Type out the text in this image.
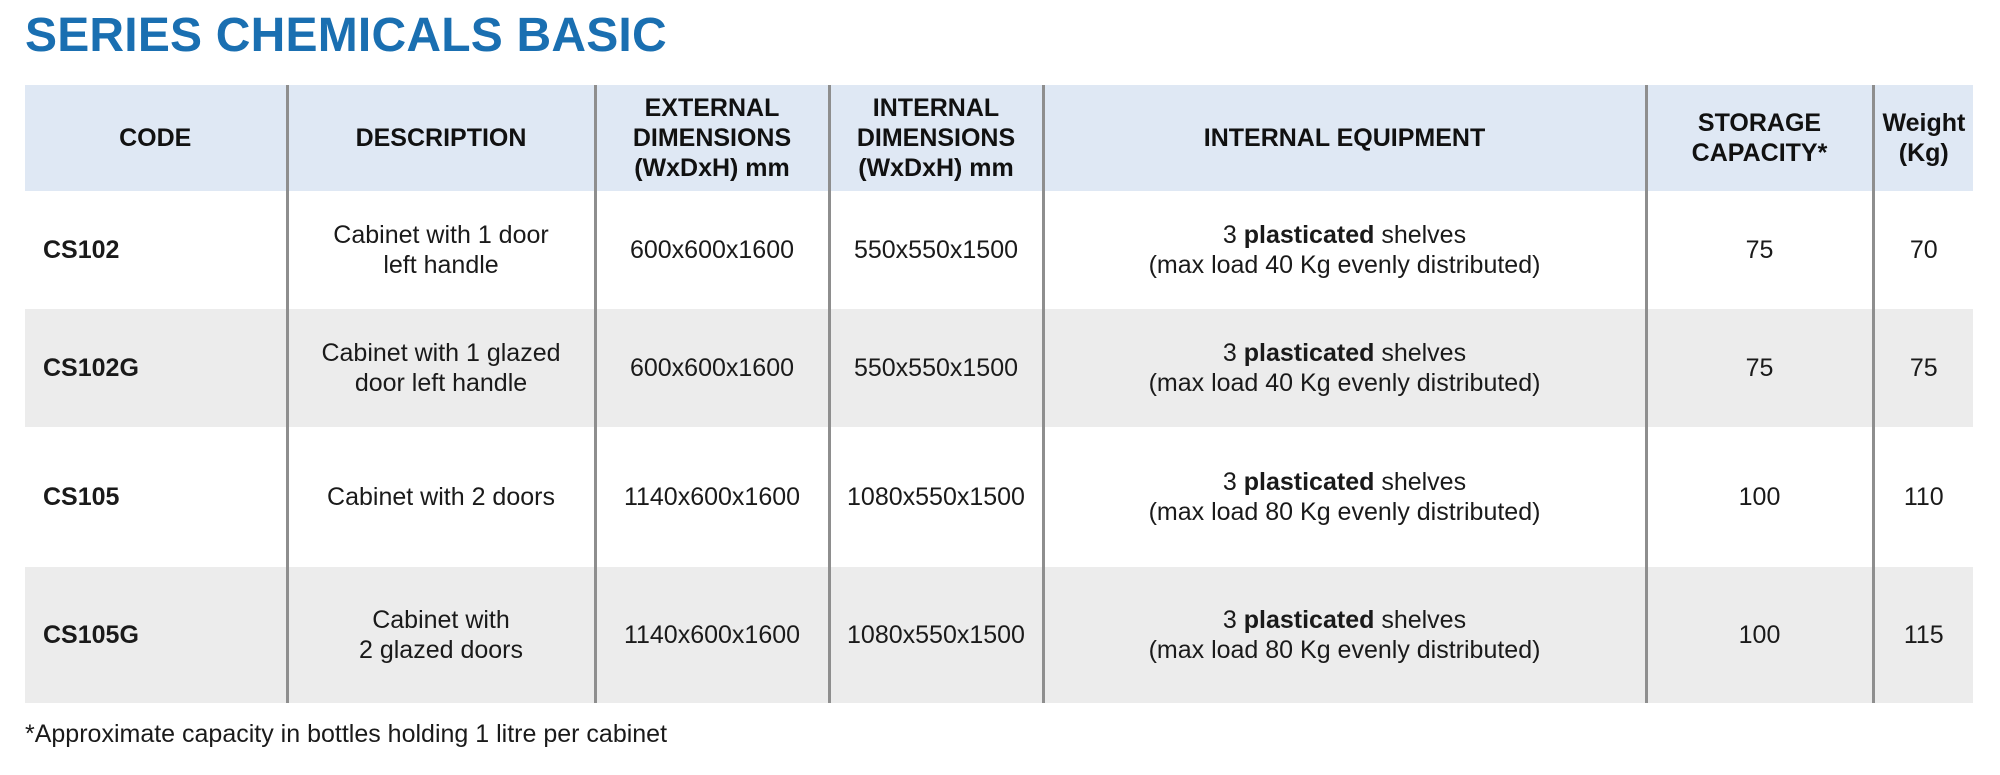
SERIES CHEMICALS BASIC
CODE	DESCRIPTION	EXTERNAL
DIMENSIONS
(WxDxH) mm	INTERNAL
DIMENSIONS
(WxDxH) mm	INTERNAL EQUIPMENT	STORAGE
CAPACITY*	Weight
(Kg)

CS102	Cabinet with 1 door
left handle	600x600x1600	550x550x1500	3 plasticated shelves
(max load 40 Kg evenly distributed)	75	70
CS102G	Cabinet with 1 glazed
door left handle	600x600x1600	550x550x1500	3 plasticated shelves
(max load 40 Kg evenly distributed)	75	75
CS105	Cabinet with 2 doors	1140x600x1600	1080x550x1500	3 plasticated shelves
(max load 80 Kg evenly distributed)	100	110
CS105G	Cabinet with
2 glazed doors	1140x600x1600	1080x550x1500	3 plasticated shelves
(max load 80 Kg evenly distributed)	100	115

*Approximate capacity in bottles holding 1 litre per cabinet
